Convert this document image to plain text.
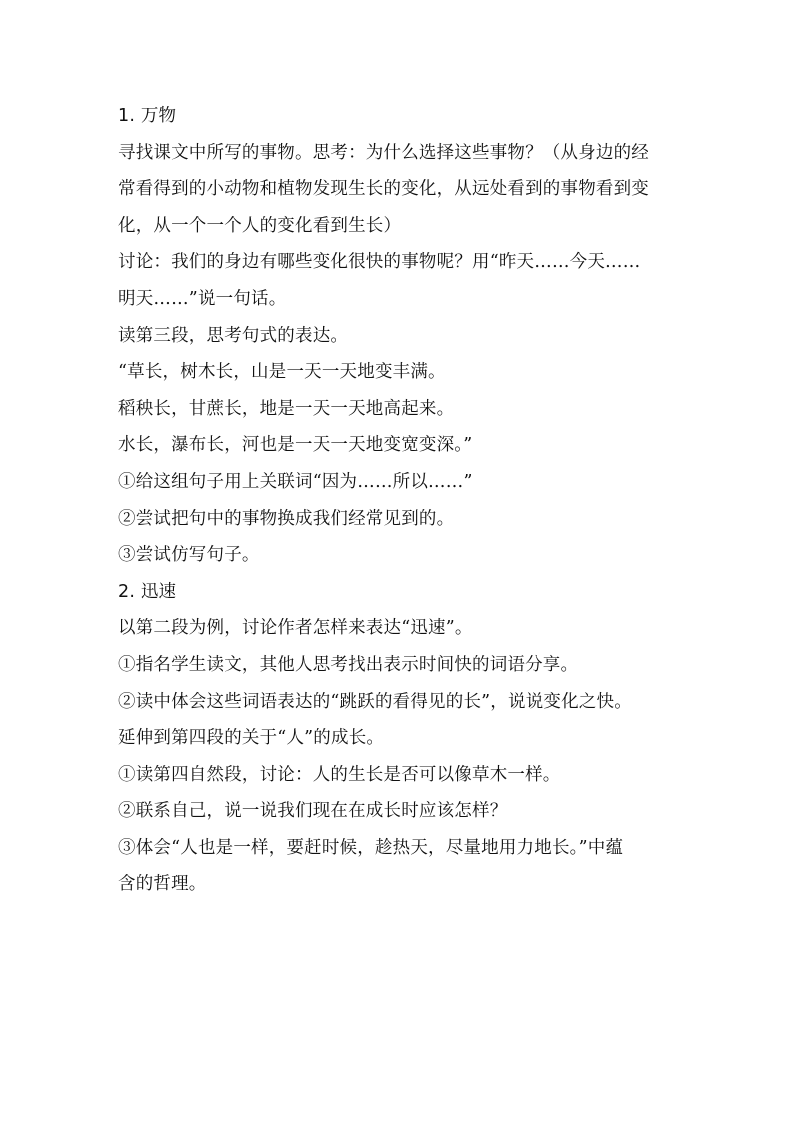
1. 万物
寻找课文中所写的事物。思考：为什么选择这些事物？（从身边的经
常看得到的小动物和植物发现生长的变化，从远处看到的事物看到变
化，从一个一个人的变化看到生长）
讨论：我们的身边有哪些变化很快的事物呢？用“昨天……今天……
明天……”说一句话。
读第三段，思考句式的表达。
“草长，树木长，山是一天一天地变丰满。
稻秧长，甘蔗长，地是一天一天地高起来。
水长，瀑布长，河也是一天一天地变宽变深。”
①给这组句子用上关联词“因为……所以……”
②尝试把句中的事物换成我们经常见到的。
③尝试仿写句子。
2. 迅速
以第二段为例，讨论作者怎样来表达“迅速”。
①指名学生读文，其他人思考找出表示时间快的词语分享。
②读中体会这些词语表达的“跳跃的看得见的长”，说说变化之快。
延伸到第四段的关于“人”的成长。
①读第四自然段，讨论：人的生长是否可以像草木一样。
②联系自己，说一说我们现在在成长时应该怎样？
③体会“人也是一样，要赶时候，趁热天，尽量地用力地长。”中蕴
含的哲理。
